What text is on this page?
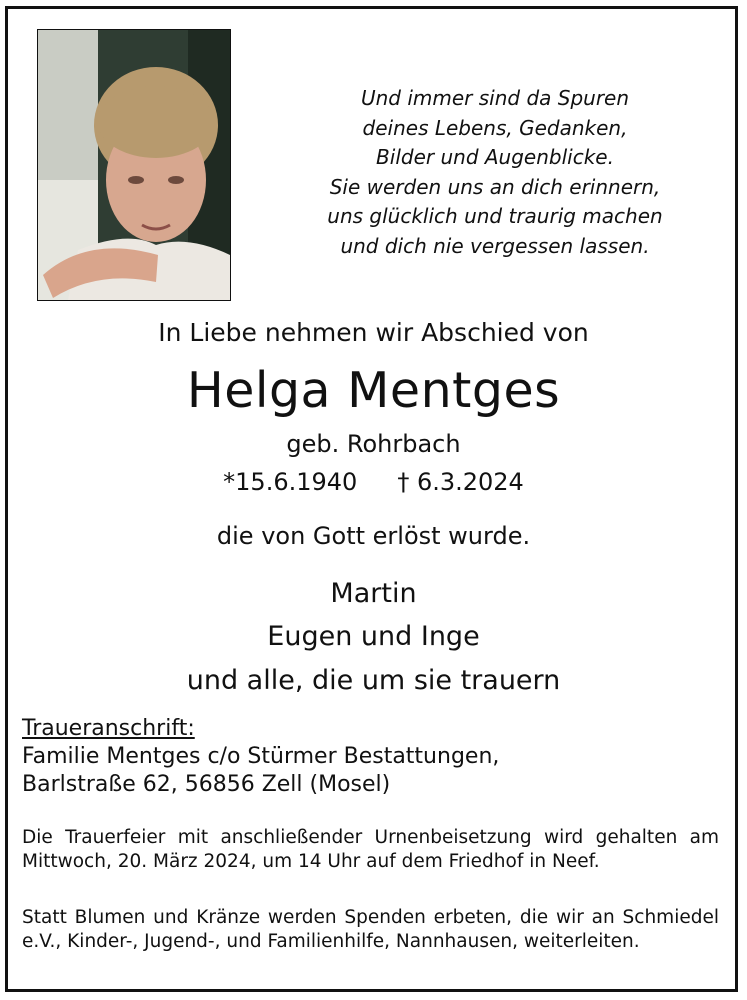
Und immer sind da Spuren
deines Lebens, Gedanken,
Bilder und Augenblicke.
Sie werden uns an dich erinnern,
uns glücklich und traurig machen
und dich nie vergessen lassen.
In Liebe nehmen wir Abschied von
Helga Mentges
geb. Rohrbach
*15.6.1940 † 6.3.2024
die von Gott erlöst wurde.
Martin
Eugen und Inge
und alle, die um sie trauern
Traueranschrift:
Familie Mentges c/o Stürmer Bestattungen,
Barlstraße 62, 56856 Zell (Mosel)

Die Trauerfeier mit anschließender Urnenbeisetzung wird gehalten am Mittwoch, 20. März 2024, um 14 Uhr auf dem Friedhof in Neef.

Statt Blumen und Kränze werden Spenden erbeten, die wir an Schmiedel e.V., Kinder-, Jugend-, und Familienhilfe, Nannhausen, weiterleiten.
